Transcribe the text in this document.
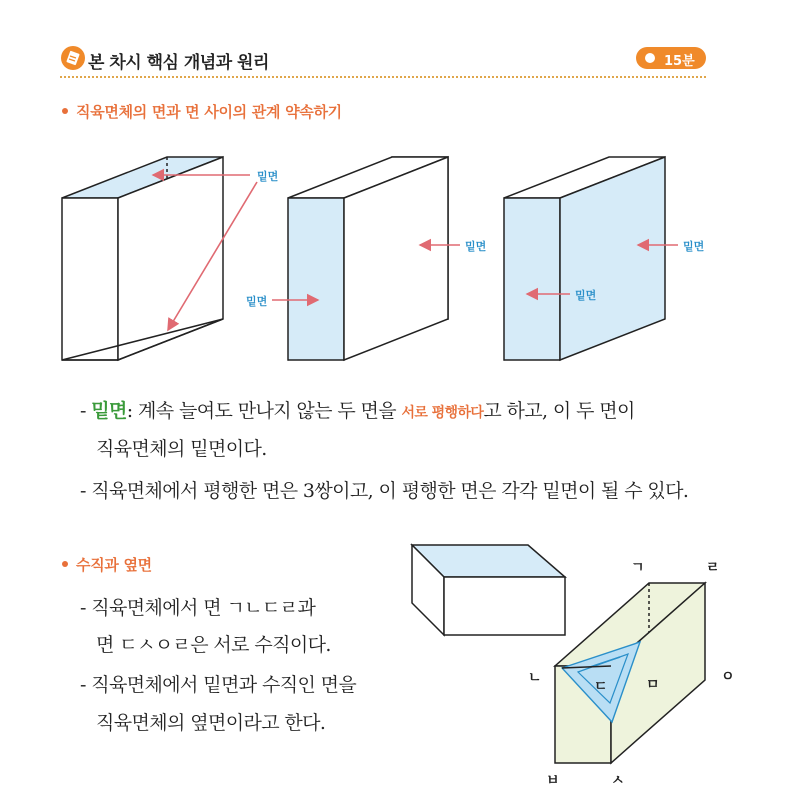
본 차시 핵심 개념과 원리	15분
직육면체의 면과 면 사이의 관계 약속하기
밑면
밑면
밑면
밑면
밑면
- 밑면: 계속 늘여도 만나지 않는 두 면을 서로 평행하다고 하고, 이 두 면이
직육면체의 밑면이다.
- 직육면체에서 평행한 면은 3쌍이고, 이 평행한 면은 각각 밑면이 될 수 있다.
수직과 옆면
- 직육면체에서 면 ㄱㄴㄷㄹ과
면 ㄷㅅㅇㄹ은 서로 수직이다.
- 직육면체에서 밑면과 수직인 면을
직육면체의 옆면이라고 한다.
ㄱ	ㄹ
ㄴ
ㄷ	ㅁ	ㅇ
ㅂ	ㅅ
